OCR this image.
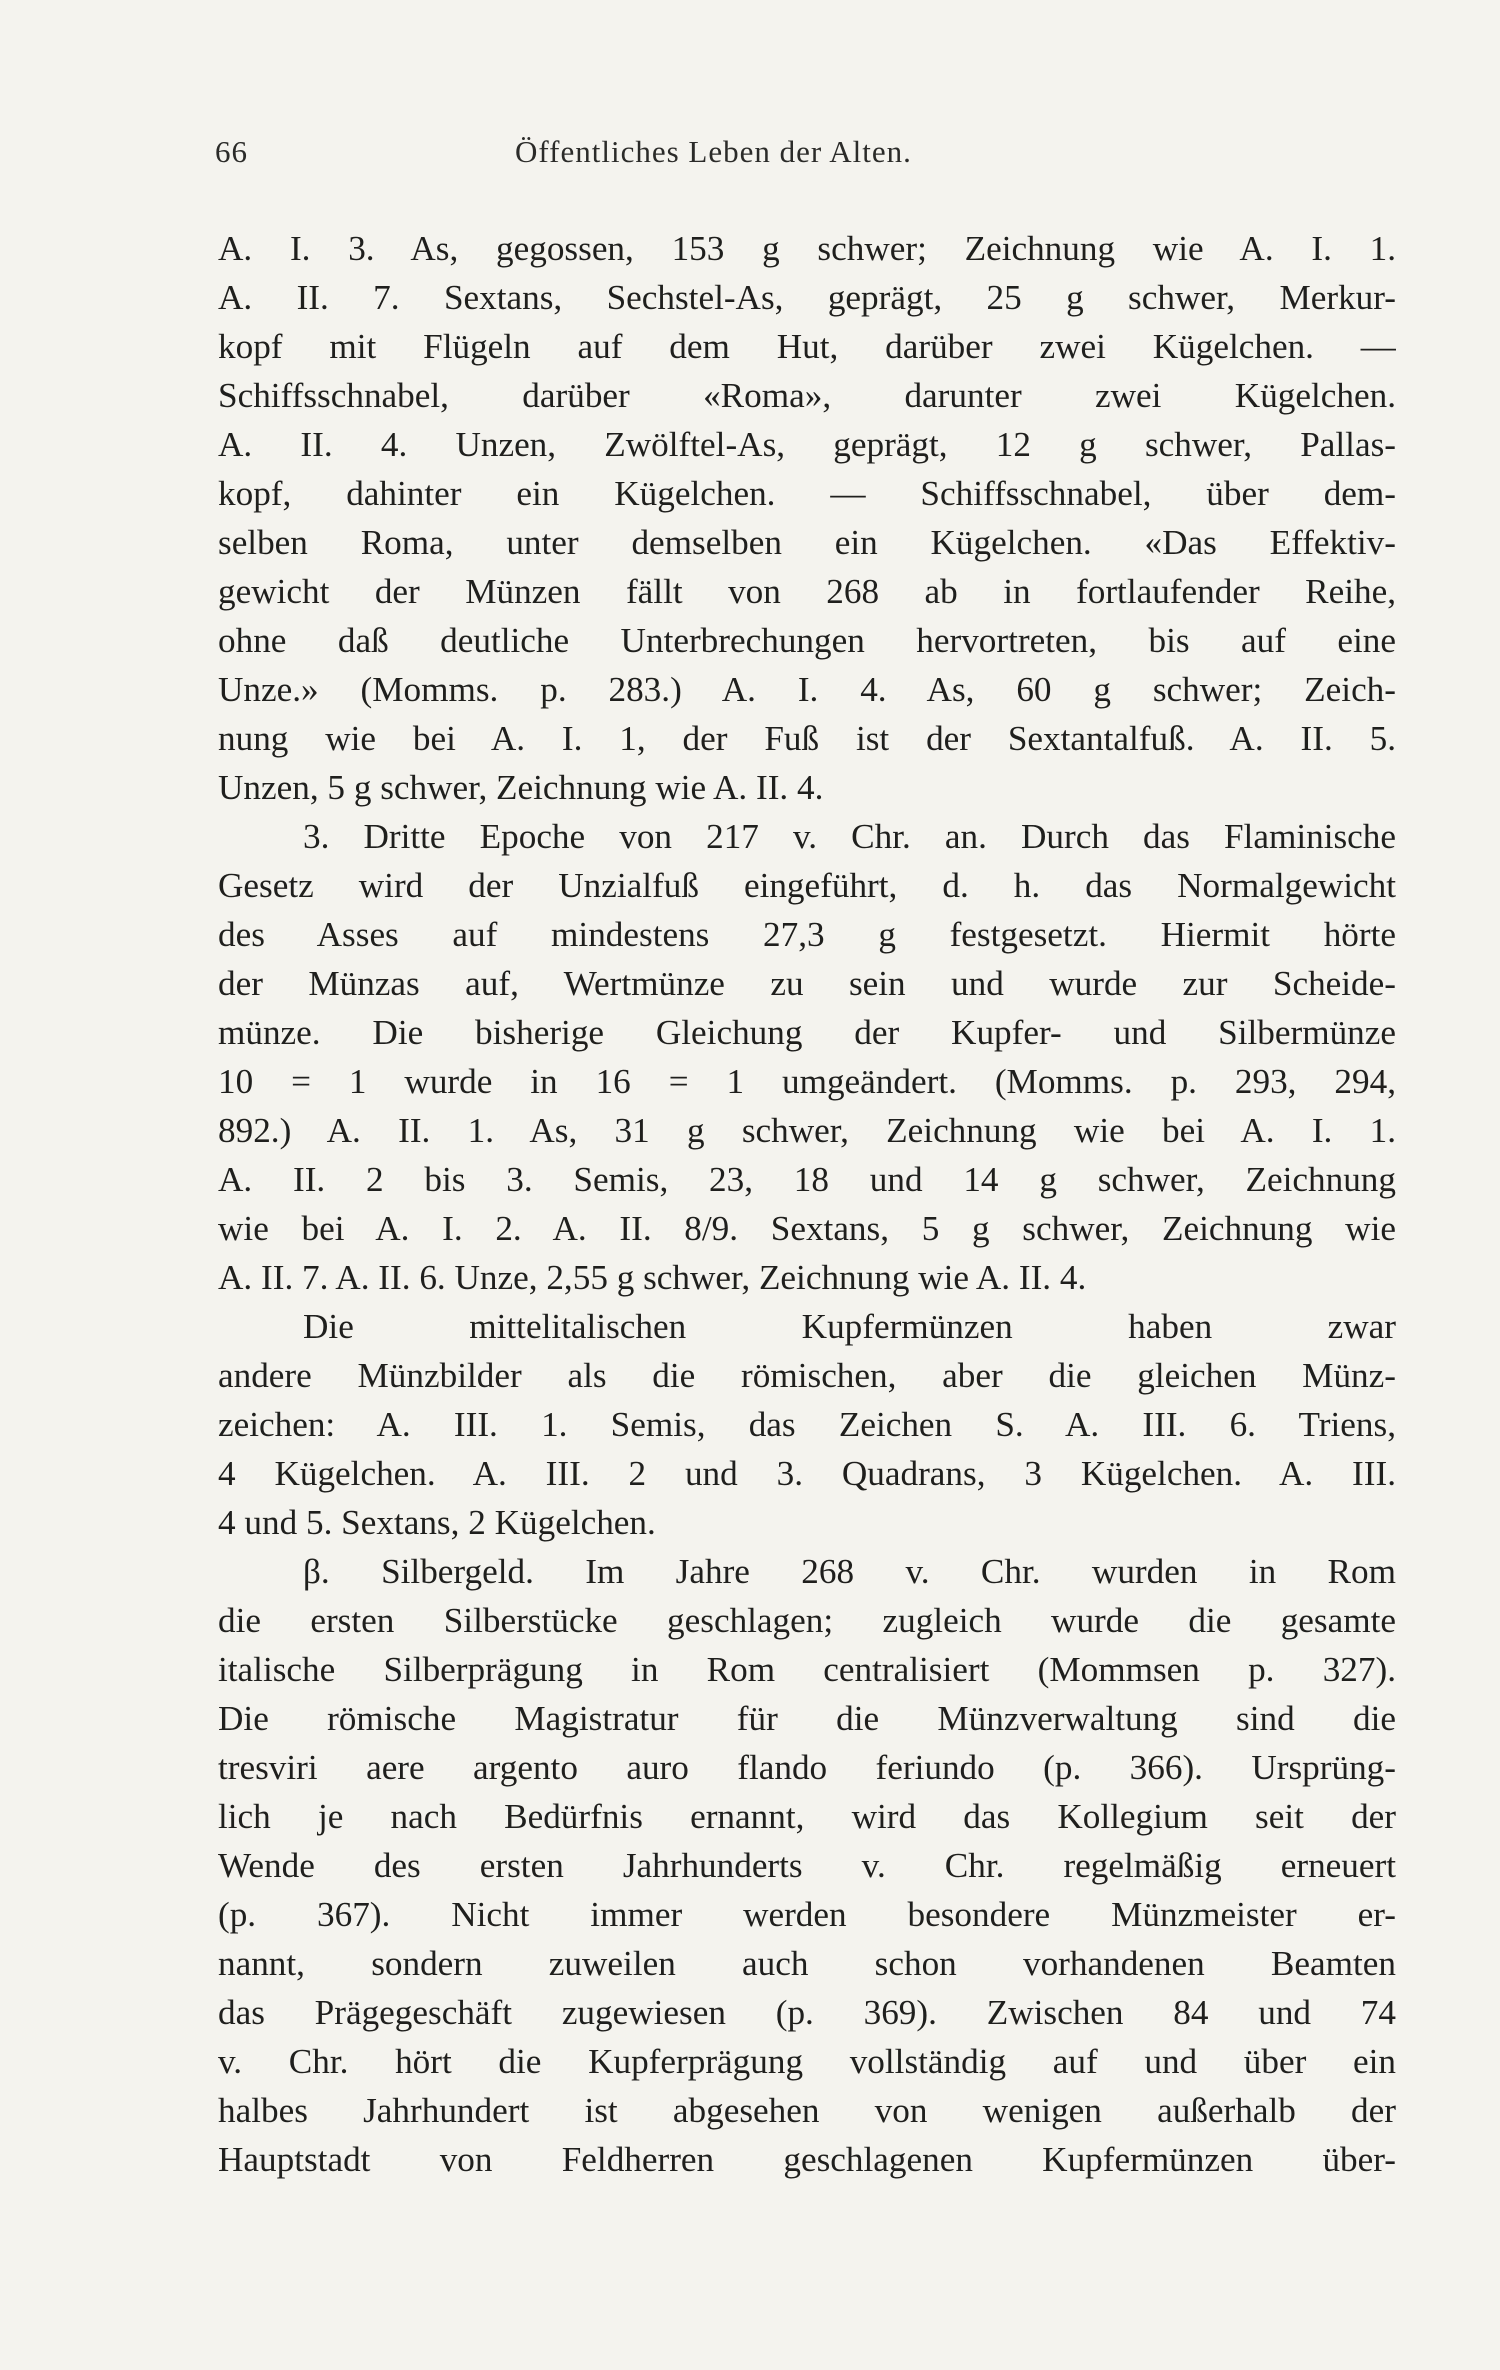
66	Öffentliches Leben der Alten.
A. I. 3. As, gegossen, 153 g schwer; Zeichnung wie A. I. 1.
A. II. 7. Sextans, Sechstel-As, geprägt, 25 g schwer, Merkur-
kopf mit Flügeln auf dem Hut, darüber zwei Kügelchen. —
Schiffsschnabel, darüber «Roma», darunter zwei Kügelchen.
A. II. 4. Unzen, Zwölftel-As, geprägt, 12 g schwer, Pallas-
kopf, dahinter ein Kügelchen. — Schiffsschnabel, über dem-
selben Roma, unter demselben ein Kügelchen. «Das Effektiv-
gewicht der Münzen fällt von 268 ab in fortlaufender Reihe,
ohne daß deutliche Unterbrechungen hervortreten, bis auf eine
Unze.» (Momms. p. 283.) A. I. 4. As, 60 g schwer; Zeich-
nung wie bei A. I. 1, der Fuß ist der Sextantalfuß. A. II. 5.
Unzen, 5 g schwer, Zeichnung wie A. II. 4.
3. Dritte Epoche von 217 v. Chr. an. Durch das Flaminische
Gesetz wird der Unzialfuß eingeführt, d. h. das Normalgewicht
des Asses auf mindestens 27,3 g festgesetzt. Hiermit hörte
der Münzas auf, Wertmünze zu sein und wurde zur Scheide-
münze. Die bisherige Gleichung der Kupfer- und Silbermünze
10 = 1 wurde in 16 = 1 umgeändert. (Momms. p. 293, 294,
892.) A. II. 1. As, 31 g schwer, Zeichnung wie bei A. I. 1.
A. II. 2 bis 3. Semis, 23, 18 und 14 g schwer, Zeichnung
wie bei A. I. 2. A. II. 8/9. Sextans, 5 g schwer, Zeichnung wie
A. II. 7. A. II. 6. Unze, 2,55 g schwer, Zeichnung wie A. II. 4.
Die mittelitalischen Kupfermünzen haben zwar
andere Münzbilder als die römischen, aber die gleichen Münz-
zeichen: A. III. 1. Semis, das Zeichen S. A. III. 6. Triens,
4 Kügelchen. A. III. 2 und 3. Quadrans, 3 Kügelchen. A. III.
4 und 5. Sextans, 2 Kügelchen.
β. Silbergeld. Im Jahre 268 v. Chr. wurden in Rom
die ersten Silberstücke geschlagen; zugleich wurde die gesamte
italische Silberprägung in Rom centralisiert (Mommsen p. 327).
Die römische Magistratur für die Münzverwaltung sind die
tresviri aere argento auro flando feriundo (p. 366). Ursprüng-
lich je nach Bedürfnis ernannt, wird das Kollegium seit der
Wende des ersten Jahrhunderts v. Chr. regelmäßig erneuert
(p. 367). Nicht immer werden besondere Münzmeister er-
nannt, sondern zuweilen auch schon vorhandenen Beamten
das Prägegeschäft zugewiesen (p. 369). Zwischen 84 und 74
v. Chr. hört die Kupferprägung vollständig auf und über ein
halbes Jahrhundert ist abgesehen von wenigen außerhalb der
Hauptstadt von Feldherren geschlagenen Kupfermünzen über-
